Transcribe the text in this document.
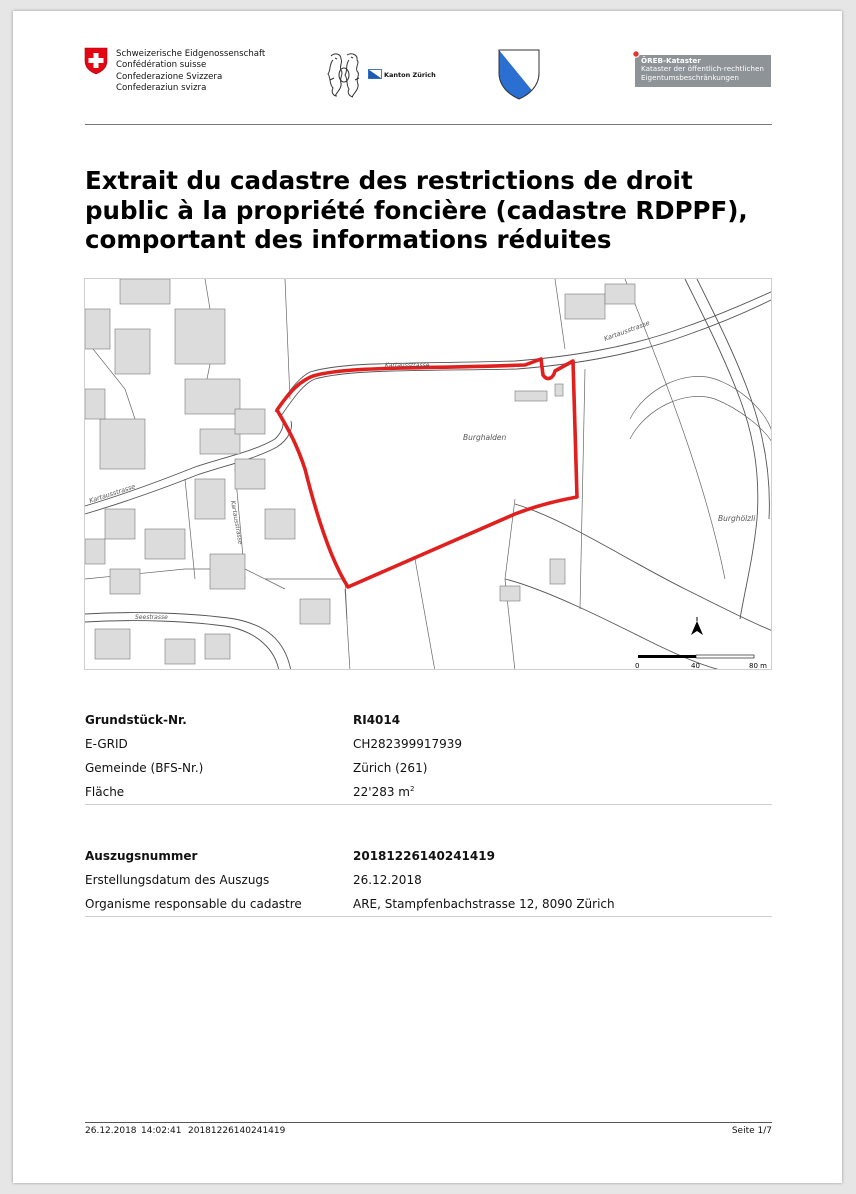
Schweizerische Eidgenossenschaft
Confédération suisse
Confederazione Svizzera
Confederaziun svizra
Kanton Zürich
ÖREB-Kataster
Kataster der öffentlich-rechtlichen
Eigentumsbeschränkungen
Extrait du cadastre des restrictions de droit
public à la propriété foncière (cadastre RDPPF),
comportant des informations réduites
Burghalden
Burghölzli
Kartausstrasse
Kartausstrasse
Kartausstrasse
Kartausstrasse
Seestrasse
0	40	80 m
Grundstück-Nr.	RI4014
E-GRID	CH282399917939
Gemeinde (BFS-Nr.)	Zürich (261)
Fläche	22'283 $m^2$
Auszugsnummer	20181226140241419
Erstellungsdatum des Auszugs	26.12.2018
Organisme responsable du cadastre	ARE, Stampfenbachstrasse 12, 8090 Zürich
26.12.2018 14:02:41 20181226140241419	Seite 1/7
